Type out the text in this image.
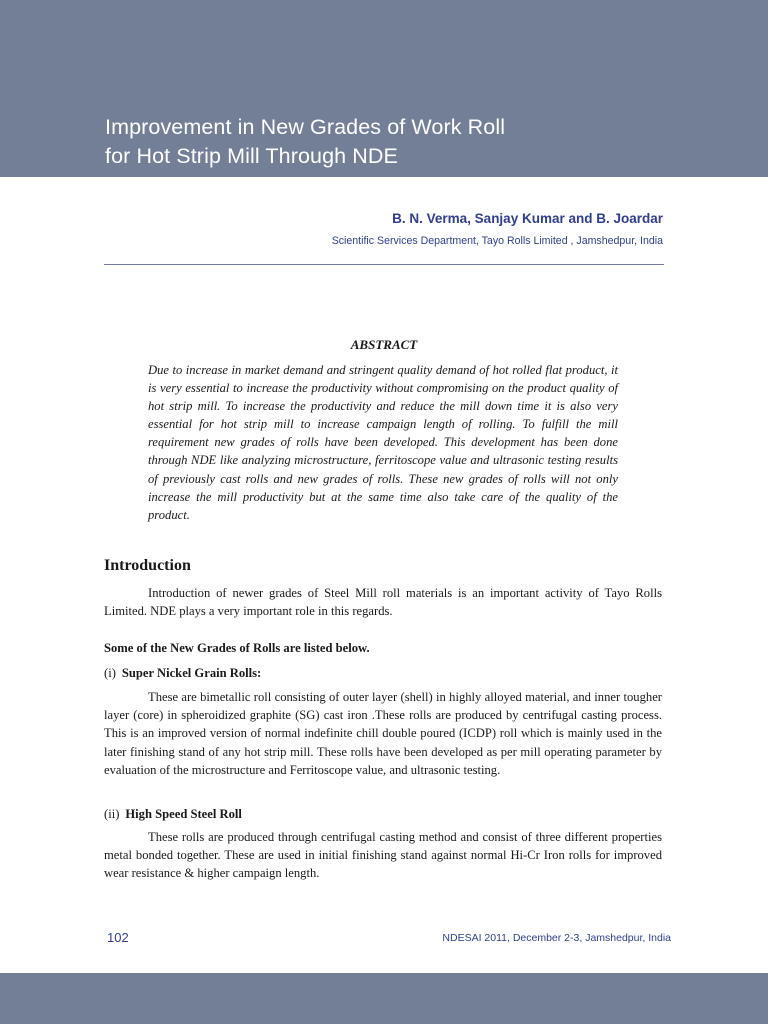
Improvement in New Grades of Work Roll
for Hot Strip Mill Through NDE
B. N. Verma, Sanjay Kumar and B. Joardar
Scientific Services Department, Tayo Rolls Limited , Jamshedpur, India
ABSTRACT

Due to increase in market demand and stringent quality demand of hot rolled flat product, it is very essential to increase the productivity without compromising on the product quality of hot strip mill. To increase the productivity and reduce the mill down time it is also very essential for hot strip mill to increase campaign length of rolling. To fulfill the mill requirement new grades of rolls have been developed. This development has been done through NDE like analyzing microstructure, ferritoscope value and ultrasonic testing results of previously cast rolls and new grades of rolls. These new grades of rolls will not only increase the mill productivity but at the same time also take care of the quality of the product.

Introduction

Introduction of newer grades of Steel Mill roll materials is an important activity of Tayo Rolls Limited. NDE plays a very important role in this regards.

Some of the New Grades of Rolls are listed below.

(i) Super Nickel Grain Rolls:

These are bimetallic roll consisting of outer layer (shell) in highly alloyed material, and inner tougher layer (core) in spheroidized graphite (SG) cast iron .These rolls are produced by centrifugal casting process. This is an improved version of normal indefinite chill double poured (ICDP) roll which is mainly used in the later finishing stand of any hot strip mill. These rolls have been developed as per mill operating parameter by evaluation of the microstructure and Ferritoscope value, and ultrasonic testing.

(ii) High Speed Steel Roll

These rolls are produced through centrifugal casting method and consist of three different properties metal bonded together. These are used in initial finishing stand against normal Hi-Cr Iron rolls for improved wear resistance & higher campaign length.

102	NDESAI 2011, December 2-3, Jamshedpur, India
